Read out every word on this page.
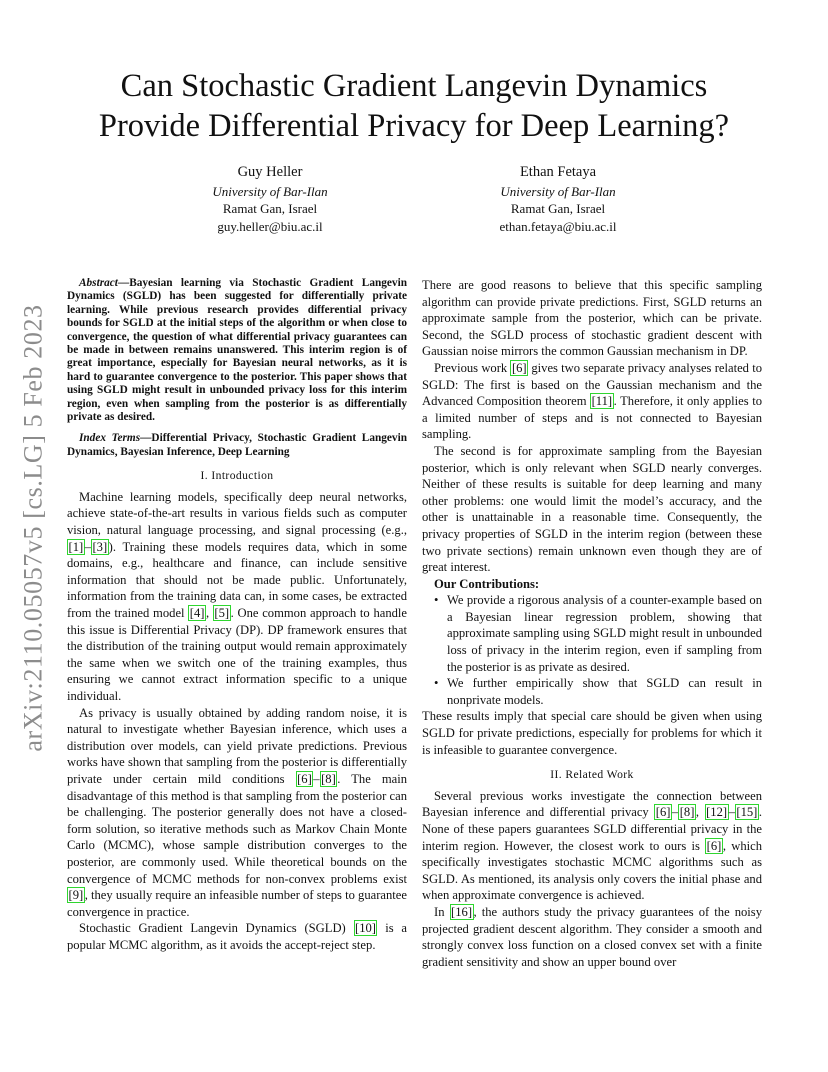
arXiv:2110.05057v5 [cs.LG] 5 Feb 2023
Can Stochastic Gradient Langevin Dynamics
Provide Differential Privacy for Deep Learning?
Guy Heller
University of Bar-Ilan
Ramat Gan, Israel
guy.heller@biu.ac.il
Ethan Fetaya
University of Bar-Ilan
Ramat Gan, Israel
ethan.fetaya@biu.ac.il

Abstract—Bayesian learning via Stochastic Gradient Langevin Dynamics (SGLD) has been suggested for differentially private learning. While previous research provides differential privacy bounds for SGLD at the initial steps of the algorithm or when close to convergence, the question of what differential privacy guarantees can be made in between remains unanswered. This interim region is of great importance, especially for Bayesian neural networks, as it is hard to guarantee convergence to the posterior. This paper shows that using SGLD might result in unbounded privacy loss for this interim region, even when sampling from the posterior is as differentially private as desired.

Index Terms—Differential Privacy, Stochastic Gradient Langevin Dynamics, Bayesian Inference, Deep Learning

I. Introduction

Machine learning models, specifically deep neural networks, achieve state-of-the-art results in various fields such as computer vision, natural language processing, and signal processing (e.g., [1] – [3] ). Training these models requires data, which in some domains, e.g., healthcare and finance, can include sensitive information that should not be made public. Unfortunately, information from the training data can, in some cases, be extracted from the trained model [4] , [5] . One common approach to handle this issue is Differential Privacy (DP). DP framework ensures that the distribution of the training output would remain approximately the same when we switch one of the training examples, thus ensuring we cannot extract information specific to a unique individual.

As privacy is usually obtained by adding random noise, it is natural to investigate whether Bayesian inference, which uses a distribution over models, can yield private predictions. Previous works have shown that sampling from the posterior is differentially private under certain mild conditions [6] – [8] . The main disadvantage of this method is that sampling from the posterior can be challenging. The posterior generally does not have a closed-form solution, so iterative methods such as Markov Chain Monte Carlo (MCMC), whose sample distribution converges to the posterior, are commonly used. While theoretical bounds on the convergence of MCMC methods for non-convex problems exist [9] , they usually require an infeasible number of steps to guarantee convergence in practice.

Stochastic Gradient Langevin Dynamics (SGLD) [10] is a popular MCMC algorithm, as it avoids the accept-reject step.

There are good reasons to believe that this specific sampling algorithm can provide private predictions. First, SGLD returns an approximate sample from the posterior, which can be private. Second, the SGLD process of stochastic gradient descent with Gaussian noise mirrors the common Gaussian mechanism in DP.

Previous work [6] gives two separate privacy analyses related to SGLD: The first is based on the Gaussian mechanism and the Advanced Composition theorem [11] . Therefore, it only applies to a limited number of steps and is not connected to Bayesian sampling.

The second is for approximate sampling from the Bayesian posterior, which is only relevant when SGLD nearly converges. Neither of these results is suitable for deep learning and many other problems: one would limit the model’s accuracy, and the other is unattainable in a reasonable time. Consequently, the privacy properties of SGLD in the interim region (between these two private sections) remain unknown even though they are of great interest.

Our Contributions:
• We provide a rigorous analysis of a counter-example based on a Bayesian linear regression problem, showing that approximate sampling using SGLD might result in unbounded loss of privacy in the interim region, even if sampling from the posterior is as private as desired.
• We further empirically show that SGLD can result in nonprivate models.

These results imply that special care should be given when using SGLD for private predictions, especially for problems for which it is infeasible to guarantee convergence.

II. Related Work

Several previous works investigate the connection between Bayesian inference and differential privacy [6] – [8] , [12] – [15] . None of these papers guarantees SGLD differential privacy in the interim region. However, the closest work to ours is [6] , which specifically investigates stochastic MCMC algorithms such as SGLD. As mentioned, its analysis only covers the initial phase and when approximate convergence is achieved.

In [16] , the authors study the privacy guarantees of the noisy projected gradient descent algorithm. They consider a smooth and strongly convex loss function on a closed convex set with a finite gradient sensitivity and show an upper bound over
